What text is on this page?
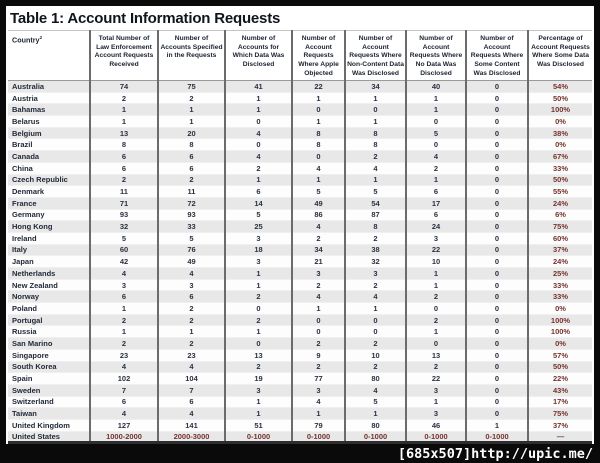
Table 1: Account Information Requests
Country$^2$	Total Number of Law Enforcement Account Requests Received	Number of Accounts Specified in the Requests	Number of Accounts for Which Data Was Disclosed	Number of Account Requests Where Apple Objected	Number of Account Requests Where Non-Content Data Was Disclosed	Number of Account Requests Where No Data Was Disclosed	Number of Account Requests Where Some Content Was Disclosed	Percentage of Account Requests Where Some Data Was Disclosed
Australia	74	75	41	22	34	40	0	54%
Austria	2	2	1	1	1	1	0	50%
Bahamas	1	1	1	0	0	1	0	100%
Belarus	1	1	0	1	1	0	0	0%
Belgium	13	20	4	8	8	5	0	38%
Brazil	8	8	0	8	8	0	0	0%
Canada	6	6	4	0	2	4	0	67%
China	6	6	2	4	4	2	0	33%
Czech Republic	2	2	1	1	1	1	0	50%
Denmark	11	11	6	5	5	6	0	55%
France	71	72	14	49	54	17	0	24%
Germany	93	93	5	86	87	6	0	6%
Hong Kong	32	33	25	4	8	24	0	75%
Ireland	5	5	3	2	2	3	0	60%
Italy	60	76	18	34	38	22	0	37%
Japan	42	49	3	21	32	10	0	24%
Netherlands	4	4	1	3	3	1	0	25%
New Zealand	3	3	1	2	2	1	0	33%
Norway	6	6	2	4	4	2	0	33%
Poland	1	2	0	1	1	0	0	0%
Portugal	2	2	2	0	0	2	0	100%
Russia	1	1	1	0	0	1	0	100%
San Marino	2	2	0	2	2	0	0	0%
Singapore	23	23	13	9	10	13	0	57%
South Korea	4	4	2	2	2	2	0	50%
Spain	102	104	19	77	80	22	0	22%
Sweden	7	7	3	3	4	3	0	43%
Switzerland	6	6	1	4	5	1	0	17%
Taiwan	4	4	1	1	1	3	0	75%
United Kingdom	127	141	51	79	80	46	1	37%
United States	1000-2000	2000-3000	0-1000	0-1000	0-1000	0-1000	0-1000	—
[685x507]http://upic.me/
